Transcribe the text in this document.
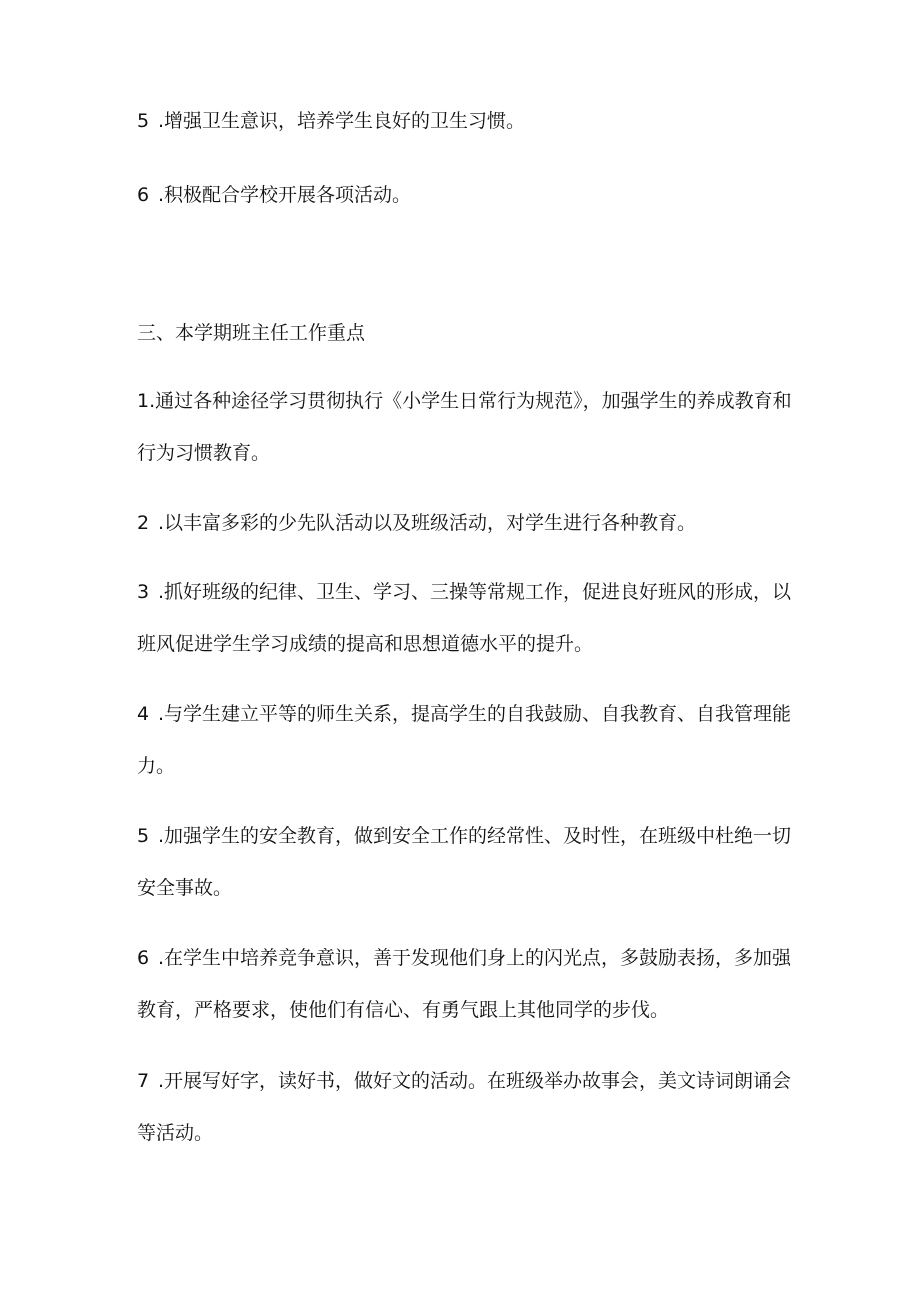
5 .增强卫生意识，培养学生良好的卫生习惯。

6 .积极配合学校开展各项活动。

三、本学期班主任工作重点

1.通过各种途径学习贯彻执行《小学生日常行为规范》，加强学生的养成教育和行为习惯教育。

2 .以丰富多彩的少先队活动以及班级活动，对学生进行各种教育。

3 .抓好班级的纪律、卫生、学习、三操等常规工作，促进良好班风的形成，以班风促进学生学习成绩的提高和思想道德水平的提升。

4 .与学生建立平等的师生关系，提高学生的自我鼓励、自我教育、自我管理能力。

5 .加强学生的安全教育，做到安全工作的经常性、及时性，在班级中杜绝一切安全事故。

6 .在学生中培养竞争意识，善于发现他们身上的闪光点，多鼓励表扬，多加强教育，严格要求，使他们有信心、有勇气跟上其他同学的步伐。

7 .开展写好字，读好书，做好文的活动。在班级举办故事会，美文诗词朗诵会等活动。
